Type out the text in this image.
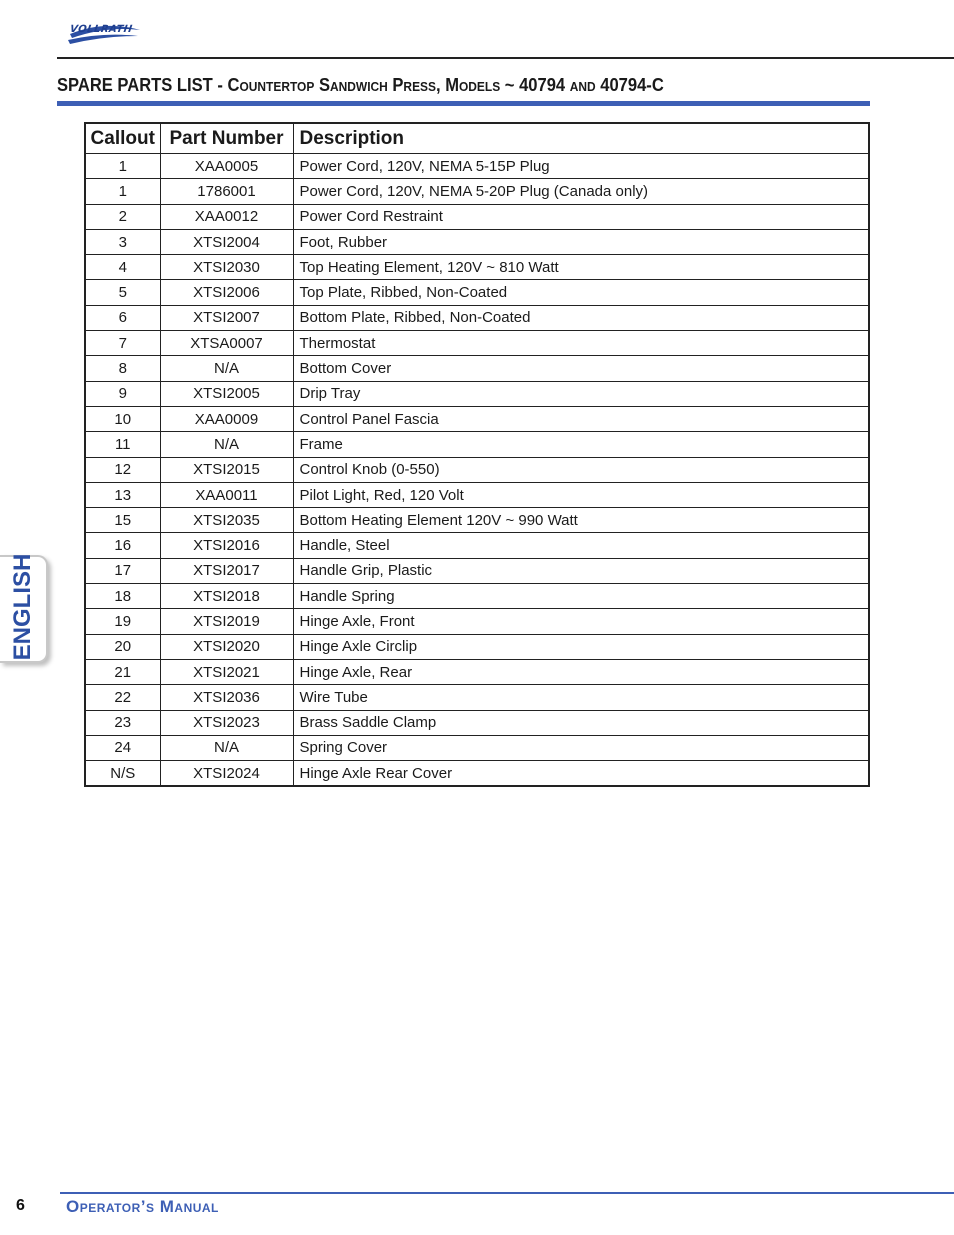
VOLLRATH
SPARE PARTS LIST - Countertop Sandwich Press, Models ~ 40794 and 40794-C
Callout	Part Number	Description
1	XAA0005	Power Cord, 120V, NEMA 5-15P Plug
1	1786001	Power Cord, 120V, NEMA 5-20P Plug (Canada only)
2	XAA0012	Power Cord Restraint
3	XTSI2004	Foot, Rubber
4	XTSI2030	Top Heating Element, 120V ~ 810 Watt
5	XTSI2006	Top Plate, Ribbed, Non-Coated
6	XTSI2007	Bottom Plate, Ribbed, Non-Coated
7	XTSA0007	Thermostat
8	N/A	Bottom Cover
9	XTSI2005	Drip Tray
10	XAA0009	Control Panel Fascia
11	N/A	Frame
12	XTSI2015	Control Knob (0-550)
13	XAA0011	Pilot Light, Red, 120 Volt
15	XTSI2035	Bottom Heating Element 120V ~ 990 Watt
16	XTSI2016	Handle, Steel
17	XTSI2017	Handle Grip, Plastic
18	XTSI2018	Handle Spring
19	XTSI2019	Hinge Axle, Front
20	XTSI2020	Hinge Axle Circlip
21	XTSI2021	Hinge Axle, Rear
22	XTSI2036	Wire Tube
23	XTSI2023	Brass Saddle Clamp
24	N/A	Spring Cover
N/S	XTSI2024	Hinge Axle Rear Cover
ENGLISH
6 Operator’s Manual
